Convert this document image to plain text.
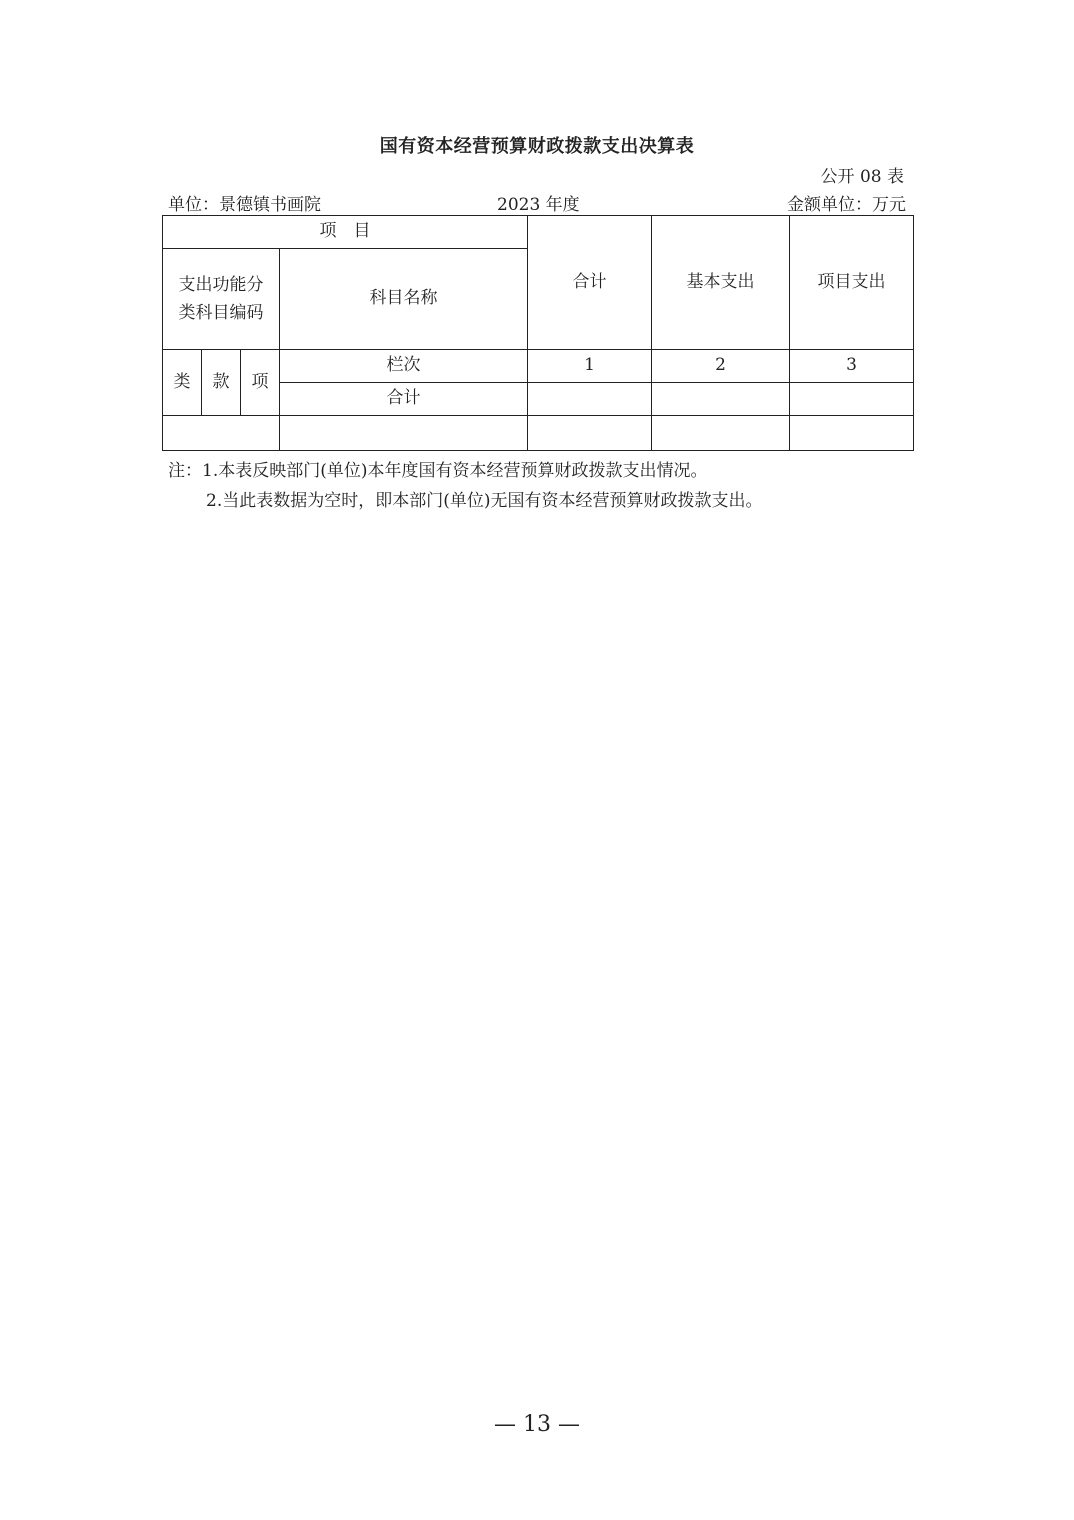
国有资本经营预算财政拨款支出决算表
公开 08 表
单位：景德镇书画院	2023 年度	金额单位：万元
项　目				合计	基本支出	项目支出
支出功能分类科目编码			科目名称			
类	款	项	栏次	1	2	3
			合计			

注：1.本表反映部门(单位)本年度国有资本经营预算财政拨款支出情况。
2.当此表数据为空时，即本部门(单位)无国有资本经营预算财政拨款支出。
— 13 —
